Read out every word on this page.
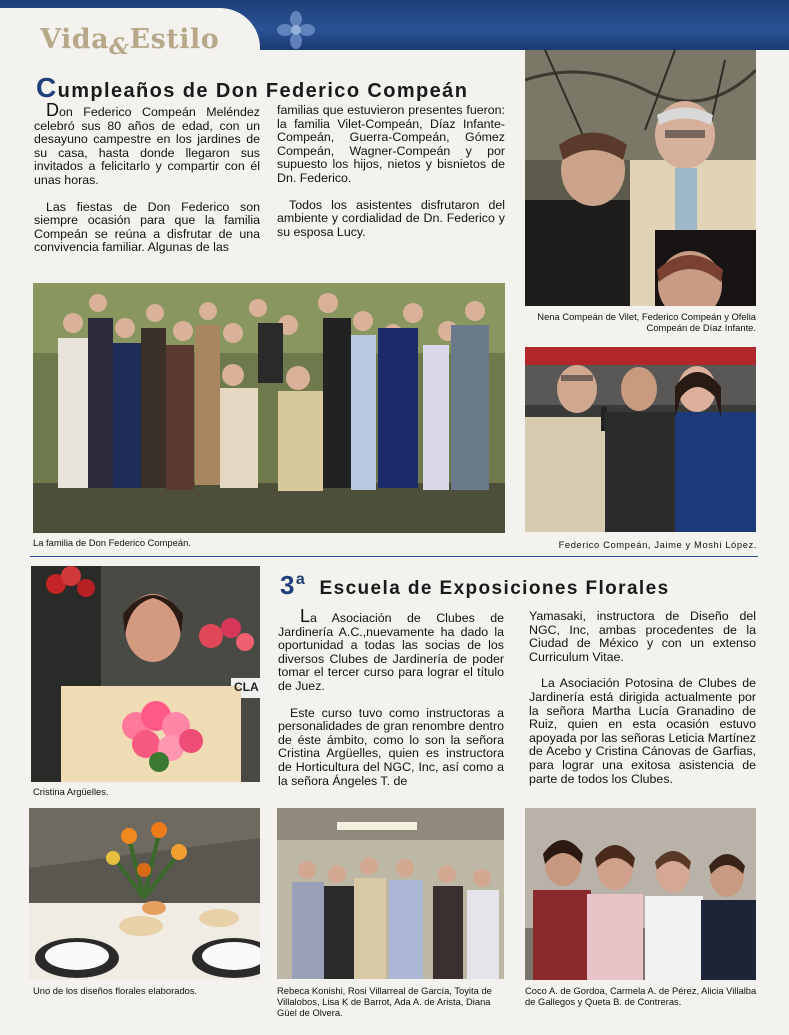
Vida$_{\&}$Estilo
Cumpleaños de Don Federico Compeán

Don Federico Compeán Meléndez celebró sus 80 años de edad, con un desayuno campestre en los jardines de su casa, hasta donde llegaron sus invitados a felicitarlo y compartir con él unas horas.

Las fiestas de Don Federico son siempre ocasión para que la familia Compeán se reúna a disfrutar de una convivencia familiar. Algunas de las

familias que estuvieron presentes fueron: la familia Vilet-Compeán, Díaz Infante-Compeán, Guerra-Compeán, Gómez Compeán, Wagner-Compeán y por supuesto los hijos, nietos y bisnietos de Dn. Federico.

Todos los asistentes disfrutaron del ambiente y cordialidad de Dn. Federico y su esposa Lucy.

Nena Compeán de Vilet, Federico Compeán y Ofelia Compeán de Díaz Infante.
La familia de Don Federico Compeán.	Federico Compeán, Jaime y Moshi López.
CLA
Cristina Argüelles.
3$^a$ Escuela de Exposiciones Florales

La Asociación de Clubes de Jardinería A.C.,nuevamente ha dado la oportunidad a todas las socias de los diversos Clubes de Jardinería de poder tomar el tercer curso para lograr el título de Juez.

Este curso tuvo como instructoras a personalidades de gran renombre dentro de éste ámbito, como lo son la señora Cristina Argüelles, quien es instructora de Horticultura del NGC, Inc, así como a la señora Ángeles T. de

Yamasaki, instructora de Diseño del NGC, Inc, ambas procedentes de la Ciudad de México y con un extenso Curriculum Vitae.

La Asociación Potosina de Clubes de Jardinería está dirigida actualmente por la señora Martha Lucía Granadino de Ruiz, quien en esta ocasión estuvo apoyada por las señoras Leticia Martínez de Acebo y Cristina Cánovas de Garfias, para lograr una exitosa asistencia de parte de todos los Clubes.

Uno de los diseños florales elaborados.	Rebeca Konishi, Rosi Villarreal de García, Toyita de Villalobos, Lisa K de Barrot, Ada A. de Arista, Diana Güel de Olvera.
Coco A. de Gordoa, Carmela A. de Pérez, Alicia Villalba de Gallegos y Queta B. de Contreras.
